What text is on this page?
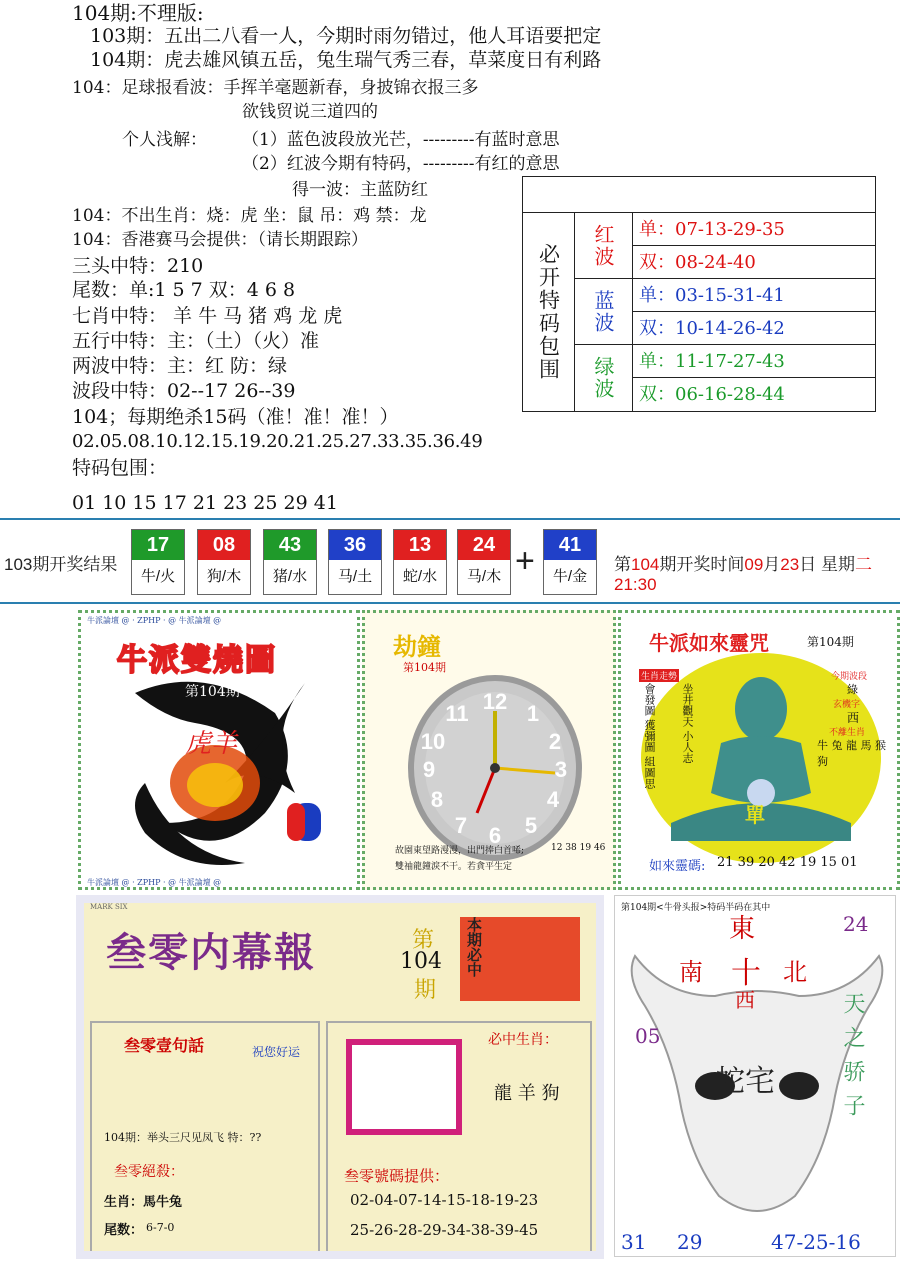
104期:不理版:
103期：五出二八看一人，今期时雨勿错过，他人耳语要把定
104期：虎去雄风镇五岳，兔生瑞气秀三春，草菜度日有利路
104：足球报看波：手挥羊毫题新春，身披锦衣报三多
欲钱贸说三道四的
个人浅解： （1）蓝色波段放光芒，---------有蓝时意思
（2）红波今期有特码，---------有红的意思
得一波：主蓝防红
104：不出生肖：烧：虎 坐：鼠 吊：鸡 禁：龙
104：香港赛马会提供：（请长期跟踪）
三头中特：210
尾数：单:1 5 7 双：4 6 8
七肖中特： 羊 牛 马 猪 鸡 龙 虎
五行中特：主：（土）（火）准
两波中特：主：红 防：绿
波段中特：02--17 26--39
104；每期绝杀15码（准！准！准！）
02.05.08.10.12.15.19.20.21.25.27.33.35.36.49
特码包围：
01 10 15 17 21 23 25 29 41
必开特码包围 红波	单：07-13-29-35
双：08-24-40
蓝波	单：03-15-31-41
双：10-14-26-42
绿波	单：11-17-27-43
双：06-16-28-44
103期开奖结果
17
牛/火
08
狗/木
43
猪/水
36
马/土
13
蛇/水
24
马/木 +	41
牛/金
第104期开奖时间09月23日 星期二21:30
牛派論壇 @ · ZPHP · @ 牛派論壇 @
牛派論壇 @ · ZPHP · @ 牛派論壇 @
牛派雙燒圖
第104期
虎羊
劫鐘
第104期
12 1
2
3
4
5
6
7
8
9
10
11
故園東望路漫漫，出門捧白首唏;	12 38 19 46
雙袖龍鐘淚不干。若貪平生定
牛派如來靈咒	第104期
生肖走勢
會發圖 獲彌圖 組圖思 坐井觀天 小人志
今期波段
綠
玄機字
西
不離生肖
牛 兔 龍 馬 猴 狗
單
如來靈碼: 21 39 20 42 19 15 01
MARK SIX
叁零内幕報	第
104
期
本期必中
叁零壹句話	祝您好运
104期：举头三尺见凤飞 特：??
叁零絕殺：
生肖：馬牛兔
尾数： 6-7-0
必中生肖：
龍 羊 狗
叁零號碼提供：
02-04-07-14-15-18-19-23
25-26-28-29-34-38-39-45
第104期<牛骨头报>特码半码在其中
東
南 十 北
西
24
05
蛇宅	天之骄子
31 29	47-25-16
